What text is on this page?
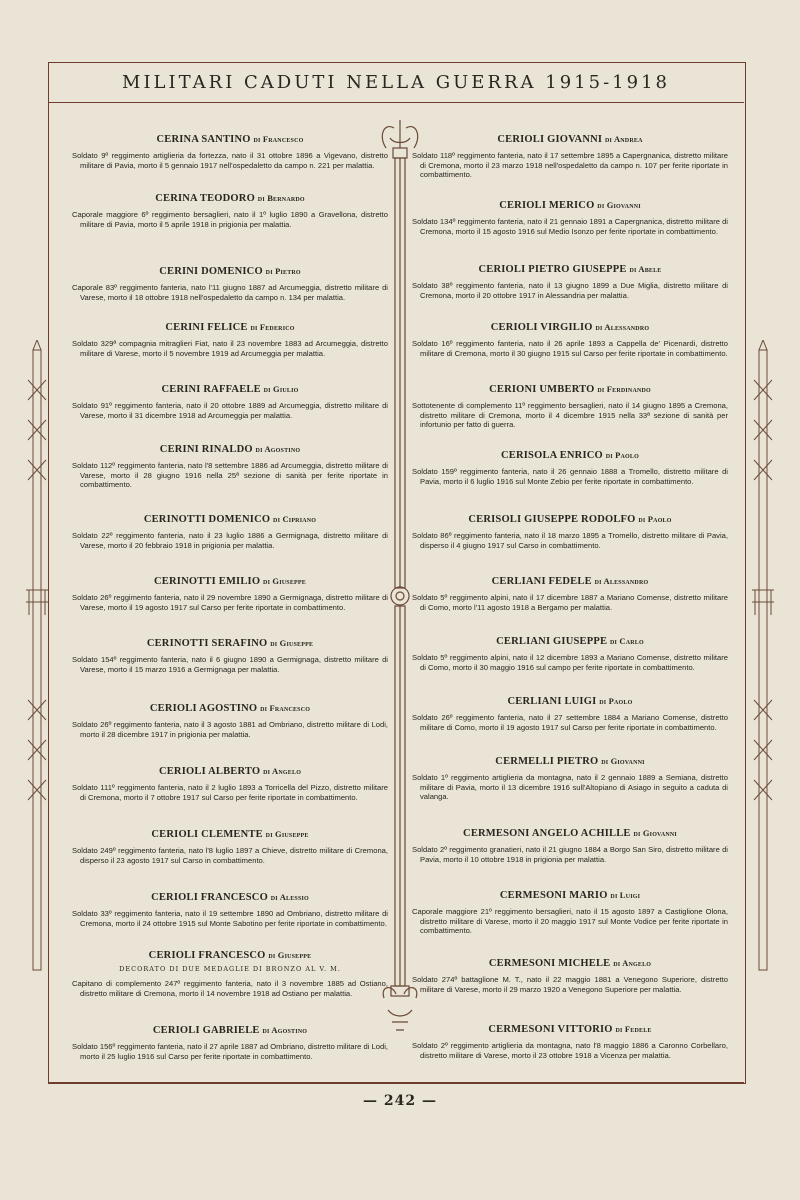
MILITARI CADUTI NELLA GUERRA 1915-1918
— 242 —
CERINA SANTINO di Francesco
Soldato 9º reggimento artiglieria da fortezza, nato il 31 ottobre 1896 a Vigevano, distretto militare di Pavia, morto il 5 gennaio 1917 nell'ospedaletto da campo n. 221 per malattia.
CERINA TEODORO di Bernardo
Caporale maggiore 6º reggimento bersaglieri, nato il 1º luglio 1890 a Gravellona, distretto militare di Pavia, morto il 5 aprile 1918 in prigionia per malattia.
CERINI DOMENICO di Pietro
Caporale 83º reggimento fanteria, nato l'11 giugno 1887 ad Arcumeggia, distretto militare di Varese, morto il 18 ottobre 1918 nell'ospedaletto da campo n. 134 per malattia.
CERINI FELICE di Federico
Soldato 329ª compagnia mitraglieri Fiat, nato il 23 novembre 1883 ad Arcumeggia, distretto militare di Varese, morto il 5 novembre 1919 ad Arcumeggia per malattia.
CERINI RAFFAELE di Giulio
Soldato 91º reggimento fanteria, nato il 20 ottobre 1889 ad Arcumeggia, distretto militare di Varese, morto il 31 dicembre 1918 ad Arcumeggia per malattia.
CERINI RINALDO di Agostino
Soldato 112º reggimento fanteria, nato l'8 settembre 1886 ad Arcumeggia, distretto militare di Varese, morto il 28 giugno 1916 nella 25ª sezione di sanità per ferite riportate in combattimento.
CERINOTTI DOMENICO di Cipriano
Soldato 22º reggimento fanteria, nato il 23 luglio 1886 a Germignaga, distretto militare di Varese, morto il 20 febbraio 1918 in prigionia per malattia.
CERINOTTI EMILIO di Giuseppe
Soldato 26º reggimento fanteria, nato il 29 novembre 1890 a Germignaga, distretto militare di Varese, morto il 19 agosto 1917 sul Carso per ferite riportate in combattimento.
CERINOTTI SERAFINO di Giuseppe
Soldato 154º reggimento fanteria, nato il 6 giugno 1890 a Germignaga, distretto militare di Varese, morto il 15 marzo 1916 a Germignaga per malattia.
CERIOLI AGOSTINO di Francesco
Soldato 26º reggimento fanteria, nato il 3 agosto 1881 ad Ombriano, distretto militare di Lodi, morto il 28 dicembre 1917 in prigionia per malattia.
CERIOLI ALBERTO di Angelo
Soldato 111º reggimento fanteria, nato il 2 luglio 1893 a Torricella del Pizzo, distretto militare di Cremona, morto il 7 ottobre 1917 sul Carso per ferite riportate in combattimento.
CERIOLI CLEMENTE di Giuseppe
Soldato 249º reggimento fanteria, nato l'8 luglio 1897 a Chieve, distretto militare di Cremona, disperso il 23 agosto 1917 sul Carso in combattimento.
CERIOLI FRANCESCO di Alessio
Soldato 33º reggimento fanteria, nato il 19 settembre 1890 ad Ombriano, distretto militare di Cremona, morto il 24 ottobre 1915 sul Monte Sabotino per ferite riportate in combattimento.
CERIOLI FRANCESCO di Giuseppe
DECORATO DI DUE MEDAGLIE DI BRONZO AL V. M.
Capitano di complemento 247º reggimento fanteria, nato il 3 novembre 1885 ad Ostiano, distretto militare di Cremona, morto il 14 novembre 1918 ad Ostiano per malattia.
CERIOLI GABRIELE di Agostino
Soldato 156º reggimento fanteria, nato il 27 aprile 1887 ad Ombriano, distretto militare di Lodi, morto il 25 luglio 1916 sul Carso per ferite riportate in combattimento.
CERIOLI GIOVANNI di Andrea
Soldato 118º reggimento fanteria, nato il 17 settembre 1895 a Capergnanica, distretto militare di Cremona, morto il 23 marzo 1918 nell'ospedaletto da campo n. 107 per ferite riportate in combattimento.
CERIOLI MERICO di Giovanni
Soldato 134º reggimento fanteria, nato il 21 gennaio 1891 a Capergnanica, distretto militare di Cremona, morto il 15 agosto 1916 sul Medio Isonzo per ferite riportate in combattimento.
CERIOLI PIETRO GIUSEPPE di Abele
Soldato 38º reggimento fanteria, nato il 13 giugno 1899 a Due Miglia, distretto militare di Cremona, morto il 20 ottobre 1917 in Alessandria per malattia.
CERIOLI VIRGILIO di Alessandro
Soldato 16º reggimento fanteria, nato il 26 aprile 1893 a Cappella de' Picenardi, distretto militare di Cremona, morto il 30 giugno 1915 sul Carso per ferite riportate in combattimento.
CERIONI UMBERTO di Ferdinando
Sottotenente di complemento 11º reggimento bersaglieri, nato il 14 giugno 1895 a Cremona, distretto militare di Cremona, morto il 4 dicembre 1915 nella 33ª sezione di sanità per infortunio per fatto di guerra.
CERISOLA ENRICO di Paolo
Soldato 159º reggimento fanteria, nato il 26 gennaio 1888 a Tromello, distretto militare di Pavia, morto il 6 luglio 1916 sul Monte Zebio per ferite riportate in combattimento.
CERISOLI GIUSEPPE RODOLFO di Paolo
Soldato 86º reggimento fanteria, nato il 18 marzo 1895 a Tromello, distretto militare di Pavia, disperso il 4 giugno 1917 sul Carso in combattimento.
CERLIANI FEDELE di Alessandro
Soldato 5º reggimento alpini, nato il 17 dicembre 1887 a Mariano Comense, distretto militare di Como, morto l'11 agosto 1918 a Bergamo per malattia.
CERLIANI GIUSEPPE di Carlo
Soldato 5º reggimento alpini, nato il 12 dicembre 1893 a Mariano Comense, distretto militare di Como, morto il 30 maggio 1916 sul campo per ferite riportate in combattimento.
CERLIANI LUIGI di Paolo
Soldato 26º reggimento fanteria, nato il 27 settembre 1884 a Mariano Comense, distretto militare di Como, morto il 19 agosto 1917 sul Carso per ferite riportate in combattimento.
CERMELLI PIETRO di Giovanni
Soldato 1º reggimento artiglieria da montagna, nato il 2 gennaio 1889 a Semiana, distretto militare di Pavia, morto il 13 dicembre 1916 sull'Altopiano di Asiago in seguito a caduta di valanga.
CERMESONI ANGELO ACHILLE di Giovanni
Soldato 2º reggimento granatieri, nato il 21 giugno 1884 a Borgo San Siro, distretto militare di Pavia, morto il 10 ottobre 1918 in prigionia per malattia.
CERMESONI MARIO di Luigi
Caporale maggiore 21º reggimento bersaglieri, nato il 15 agosto 1897 a Castiglione Olona, distretto militare di Varese, morto il 20 maggio 1917 sul Monte Vodice per ferite riportate in combattimento.
CERMESONI MICHELE di Angelo
Soldato 274º battaglione M. T., nato il 22 maggio 1881 a Venegono Superiore, distretto militare di Varese, morto il 29 marzo 1920 a Venegono Superiore per malattia.
CERMESONI VITTORIO di Fedele
Soldato 2º reggimento artiglieria da montagna, nato l'8 maggio 1886 a Caronno Corbellaro, distretto militare di Varese, morto il 23 ottobre 1918 a Vicenza per malattia.
